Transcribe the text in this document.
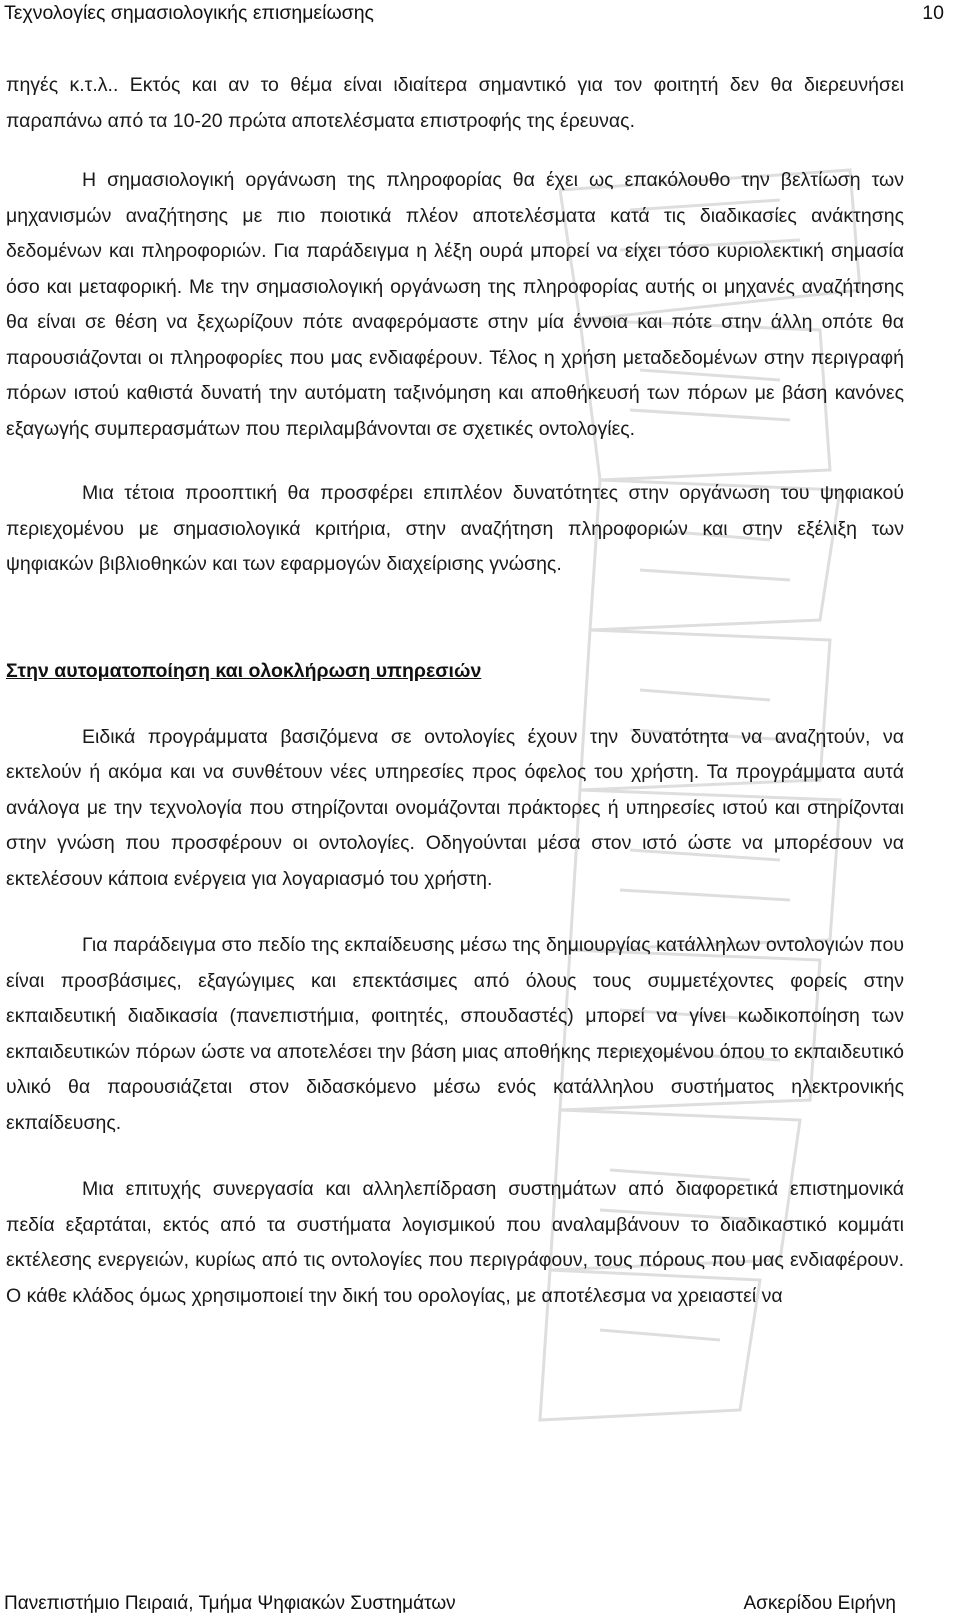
Τεχνολογίες σημασιολογικής επισημείωσης	10

πηγές κ.τ.λ.. Εκτός και αν το θέμα είναι ιδιαίτερα σημαντικό για τον φοιτητή δεν θα διερευνήσει παραπάνω από τα 10-20 πρώτα αποτελέσματα επιστροφής της έρευνας.

Η σημασιολογική οργάνωση της πληροφορίας θα έχει ως επακόλουθο την βελτίωση των μηχανισμών αναζήτησης με πιο ποιοτικά πλέον αποτελέσματα κατά τις διαδικασίες ανάκτησης δεδομένων και πληροφοριών. Για παράδειγμα η λέξη ουρά μπορεί να είχει τόσο κυριολεκτική σημασία όσο και μεταφορική. Με την σημασιολογική οργάνωση της πληροφορίας αυτής οι μηχανές αναζήτησης θα είναι σε θέση να ξεχωρίζουν πότε αναφερόμαστε στην μία έννοια και πότε στην άλλη οπότε θα παρουσιάζονται οι πληροφορίες που μας ενδιαφέρουν. Τέλος η χρήση μεταδεδομένων στην περιγραφή πόρων ιστού καθιστά δυνατή την αυτόματη ταξινόμηση και αποθήκευσή των πόρων με βάση κανόνες εξαγωγής συμπερασμάτων που περιλαμβάνονται σε σχετικές οντολογίες.

Μια τέτοια προοπτική θα προσφέρει επιπλέον δυνατότητες στην οργάνωση του ψηφιακού περιεχομένου με σημασιολογικά κριτήρια, στην αναζήτηση πληροφοριών και στην εξέλιξη των ψηφιακών βιβλιοθηκών και των εφαρμογών διαχείρισης γνώσης.

Στην αυτοματοποίηση και ολοκλήρωση υπηρεσιών

Ειδικά προγράμματα βασιζόμενα σε οντολογίες έχουν την δυνατότητα να αναζητούν, να εκτελούν ή ακόμα και να συνθέτουν νέες υπηρεσίες προς όφελος του χρήστη. Τα προγράμματα αυτά ανάλογα με την τεχνολογία που στηρίζονται ονομάζονται πράκτορες ή υπηρεσίες ιστού και στηρίζονται στην γνώση που προσφέρουν οι οντολογίες. Οδηγούνται μέσα στον ιστό ώστε να μπορέσουν να εκτελέσουν κάποια ενέργεια για λογαριασμό του χρήστη.

Για παράδειγμα στο πεδίο της εκπαίδευσης μέσω της δημιουργίας κατάλληλων οντολογιών που είναι προσβάσιμες, εξαγώγιμες και επεκτάσιμες από όλους τους συμμετέχοντες φορείς στην εκπαιδευτική διαδικασία (πανεπιστήμια, φοιτητές, σπουδαστές) μπορεί να γίνει κωδικοποίηση των εκπαιδευτικών πόρων ώστε να αποτελέσει την βάση μιας αποθήκης περιεχομένου όπου το εκπαιδευτικό υλικό θα παρουσιάζεται στον διδασκόμενο μέσω ενός κατάλληλου συστήματος ηλεκτρονικής εκπαίδευσης.

Μια επιτυχής συνεργασία και αλληλεπίδραση συστημάτων από διαφορετικά επιστημονικά πεδία εξαρτάται, εκτός από τα συστήματα λογισμικού που αναλαμβάνουν το διαδικαστικό κομμάτι εκτέλεσης ενεργειών, κυρίως από τις οντολογίες που περιγράφουν, τους πόρους που μας ενδιαφέρουν. Ο κάθε κλάδος όμως χρησιμοποιεί την δική του ορολογίας, με αποτέλεσμα να χρειαστεί να

Πανεπιστήμιο Πειραιά, Τμήμα Ψηφιακών Συστημάτων	Ασκερίδου Ειρήνη
